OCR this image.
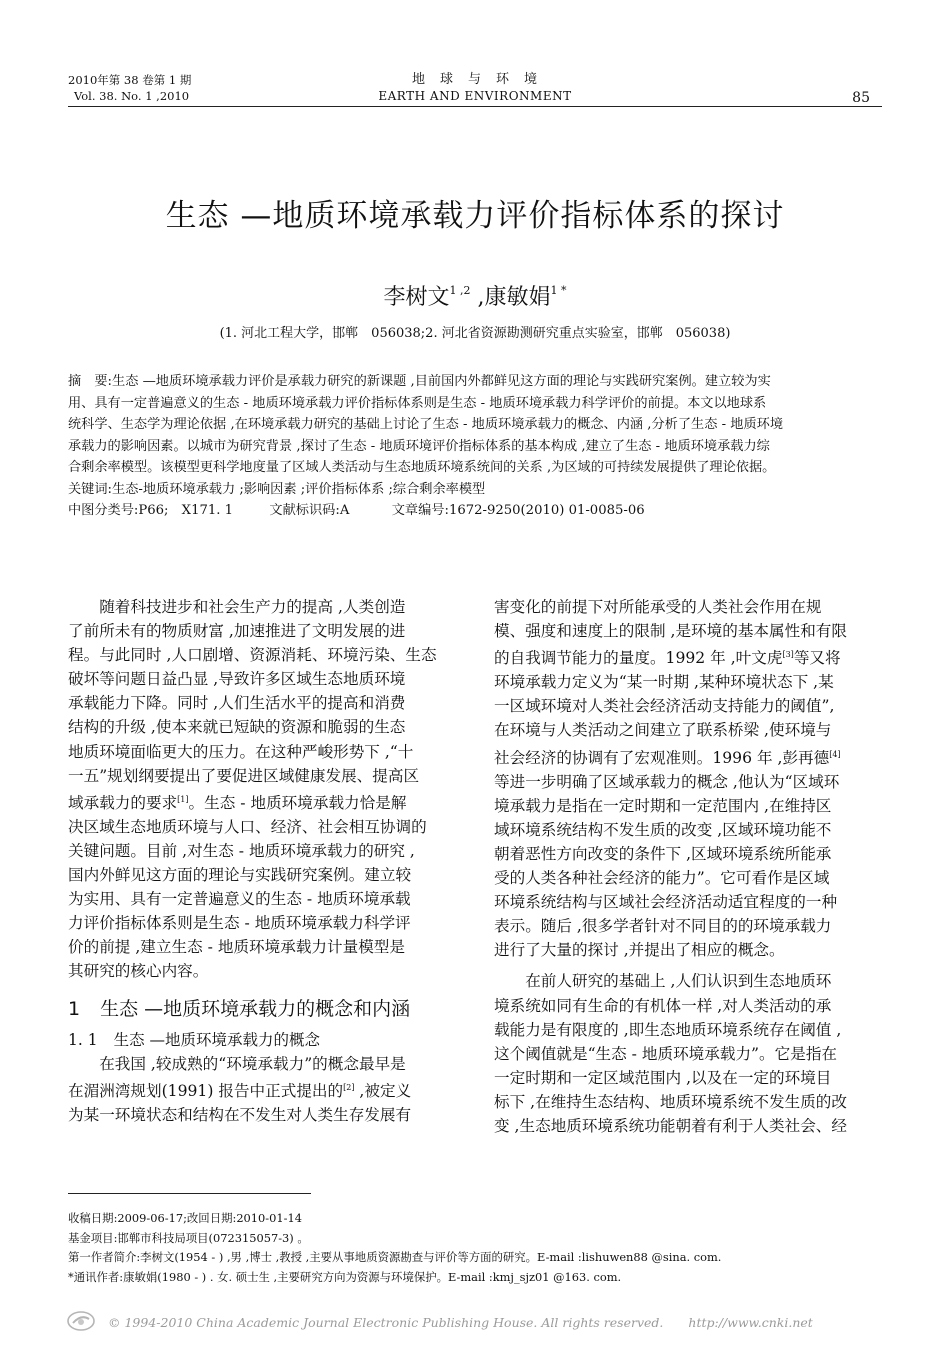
2010年第 38 卷第 1 期
Vol. 38. No. 1 ,2010
地　球　与　环　境
EARTH AND ENVIRONMENT	85
生态 —地质环境承载力评价指标体系的探讨
李树文$^{1 ,2}$ ,康敏娟$^{1 *}$
(1. 河北工程大学，邯郸　056038;2. 河北省资源勘测研究重点实验室，邯郸　056038)
摘　要:生态 —地质环境承载力评价是承载力研究的新课题 ,目前国内外都鲜见这方面的理论与实践研究案例。建立较为实
用、具有一定普遍意义的生态 - 地质环境承载力评价指标体系则是生态 - 地质环境承载力科学评价的前提。本文以地球系
统科学、生态学为理论依据 ,在环境承载力研究的基础上讨论了生态 - 地质环境承载力的概念、内涵 ,分析了生态 - 地质环境
承载力的影响因素。以城市为研究背景 ,探讨了生态 - 地质环境评价指标体系的基本构成 ,建立了生态 - 地质环境承载力综
合剩余率模型。该模型更科学地度量了区域人类活动与生态地质环境系统间的关系 ,为区域的可持续发展提供了理论依据。
关键词:生态-地质环境承载力 ;影响因素 ;评价指标体系 ;综合剩余率模型
中图分类号:P66;　X171. 1	文献标识码:A	文章编号:1672-9250(2010) 01-0085-06
随着科技进步和社会生产力的提高 ,人类创造
了前所未有的物质财富 ,加速推进了文明发展的进
程。与此同时 ,人口剧增、资源消耗、环境污染、生态
破坏等问题日益凸显 ,导致许多区域生态地质环境
承载能力下降。同时 ,人们生活水平的提高和消费
结构的升级 ,使本来就已短缺的资源和脆弱的生态
地质环境面临更大的压力。在这种严峻形势下 ,“十
一五”规划纲要提出了要促进区域健康发展、提高区
域承载力的要求[1]。生态 - 地质环境承载力恰是解
决区域生态地质环境与人口、经济、社会相互协调的
关键问题。目前 ,对生态 - 地质环境承载力的研究 ,
国内外鲜见这方面的理论与实践研究案例。建立较
为实用、具有一定普遍意义的生态 - 地质环境承载
力评价指标体系则是生态 - 地质环境承载力科学评
价的前提 ,建立生态 - 地质环境承载力计量模型是
其研究的核心内容。
1 生态 —地质环境承载力的概念和内涵
1. 1 生态 —地质环境承载力的概念
在我国 ,较成熟的“环境承载力”的概念最早是
在湄洲湾规划(1991) 报告中正式提出的[2] ,被定义
为某一环境状态和结构在不发生对人类生存发展有
害变化的前提下对所能承受的人类社会作用在规
模、强度和速度上的限制 ,是环境的基本属性和有限
的自我调节能力的量度。1992 年 ,叶文虎[3]等又将
环境承载力定义为“某一时期 ,某种环境状态下 ,某
一区域环境对人类社会经济活动支持能力的阈值”,
在环境与人类活动之间建立了联系桥梁 ,使环境与
社会经济的协调有了宏观准则。1996 年 ,彭再德[4]
等进一步明确了区域承载力的概念 ,他认为“区域环
境承载力是指在一定时期和一定范围内 ,在维持区
域环境系统结构不发生质的改变 ,区域环境功能不
朝着恶性方向改变的条件下 ,区域环境系统所能承
受的人类各种社会经济的能力”。它可看作是区域
环境系统结构与区域社会经济活动适宜程度的一种
表示。随后 ,很多学者针对不同目的的环境承载力
进行了大量的探讨 ,并提出了相应的概念。
在前人研究的基础上 ,人们认识到生态地质环
境系统如同有生命的有机体一样 ,对人类活动的承
载能力是有限度的 ,即生态地质环境系统存在阈值 ,
这个阈值就是“生态 - 地质环境承载力”。它是指在
一定时期和一定区域范围内 ,以及在一定的环境目
标下 ,在维持生态结构、地质环境系统不发生质的改
变 ,生态地质环境系统功能朝着有利于人类社会、经
收稿日期:2009-06-17;改回日期:2010-01-14
基金项目:邯郸市科技局项目(072315057-3) 。
第一作者简介:李树文(1954 - ) ,男 ,博士 ,教授 ,主要从事地质资源勘查与评价等方面的研究。E-mail :lishuwen88 @sina. com.
*通讯作者:康敏娟(1980 - ) . 女. 硕士生 ,主要研究方向为资源与环境保护。E-mail :kmj_sjz01 @163. com.
© 1994-2010 China Academic Journal Electronic Publishing House. All rights reserved.　　http://www.cnki.net
